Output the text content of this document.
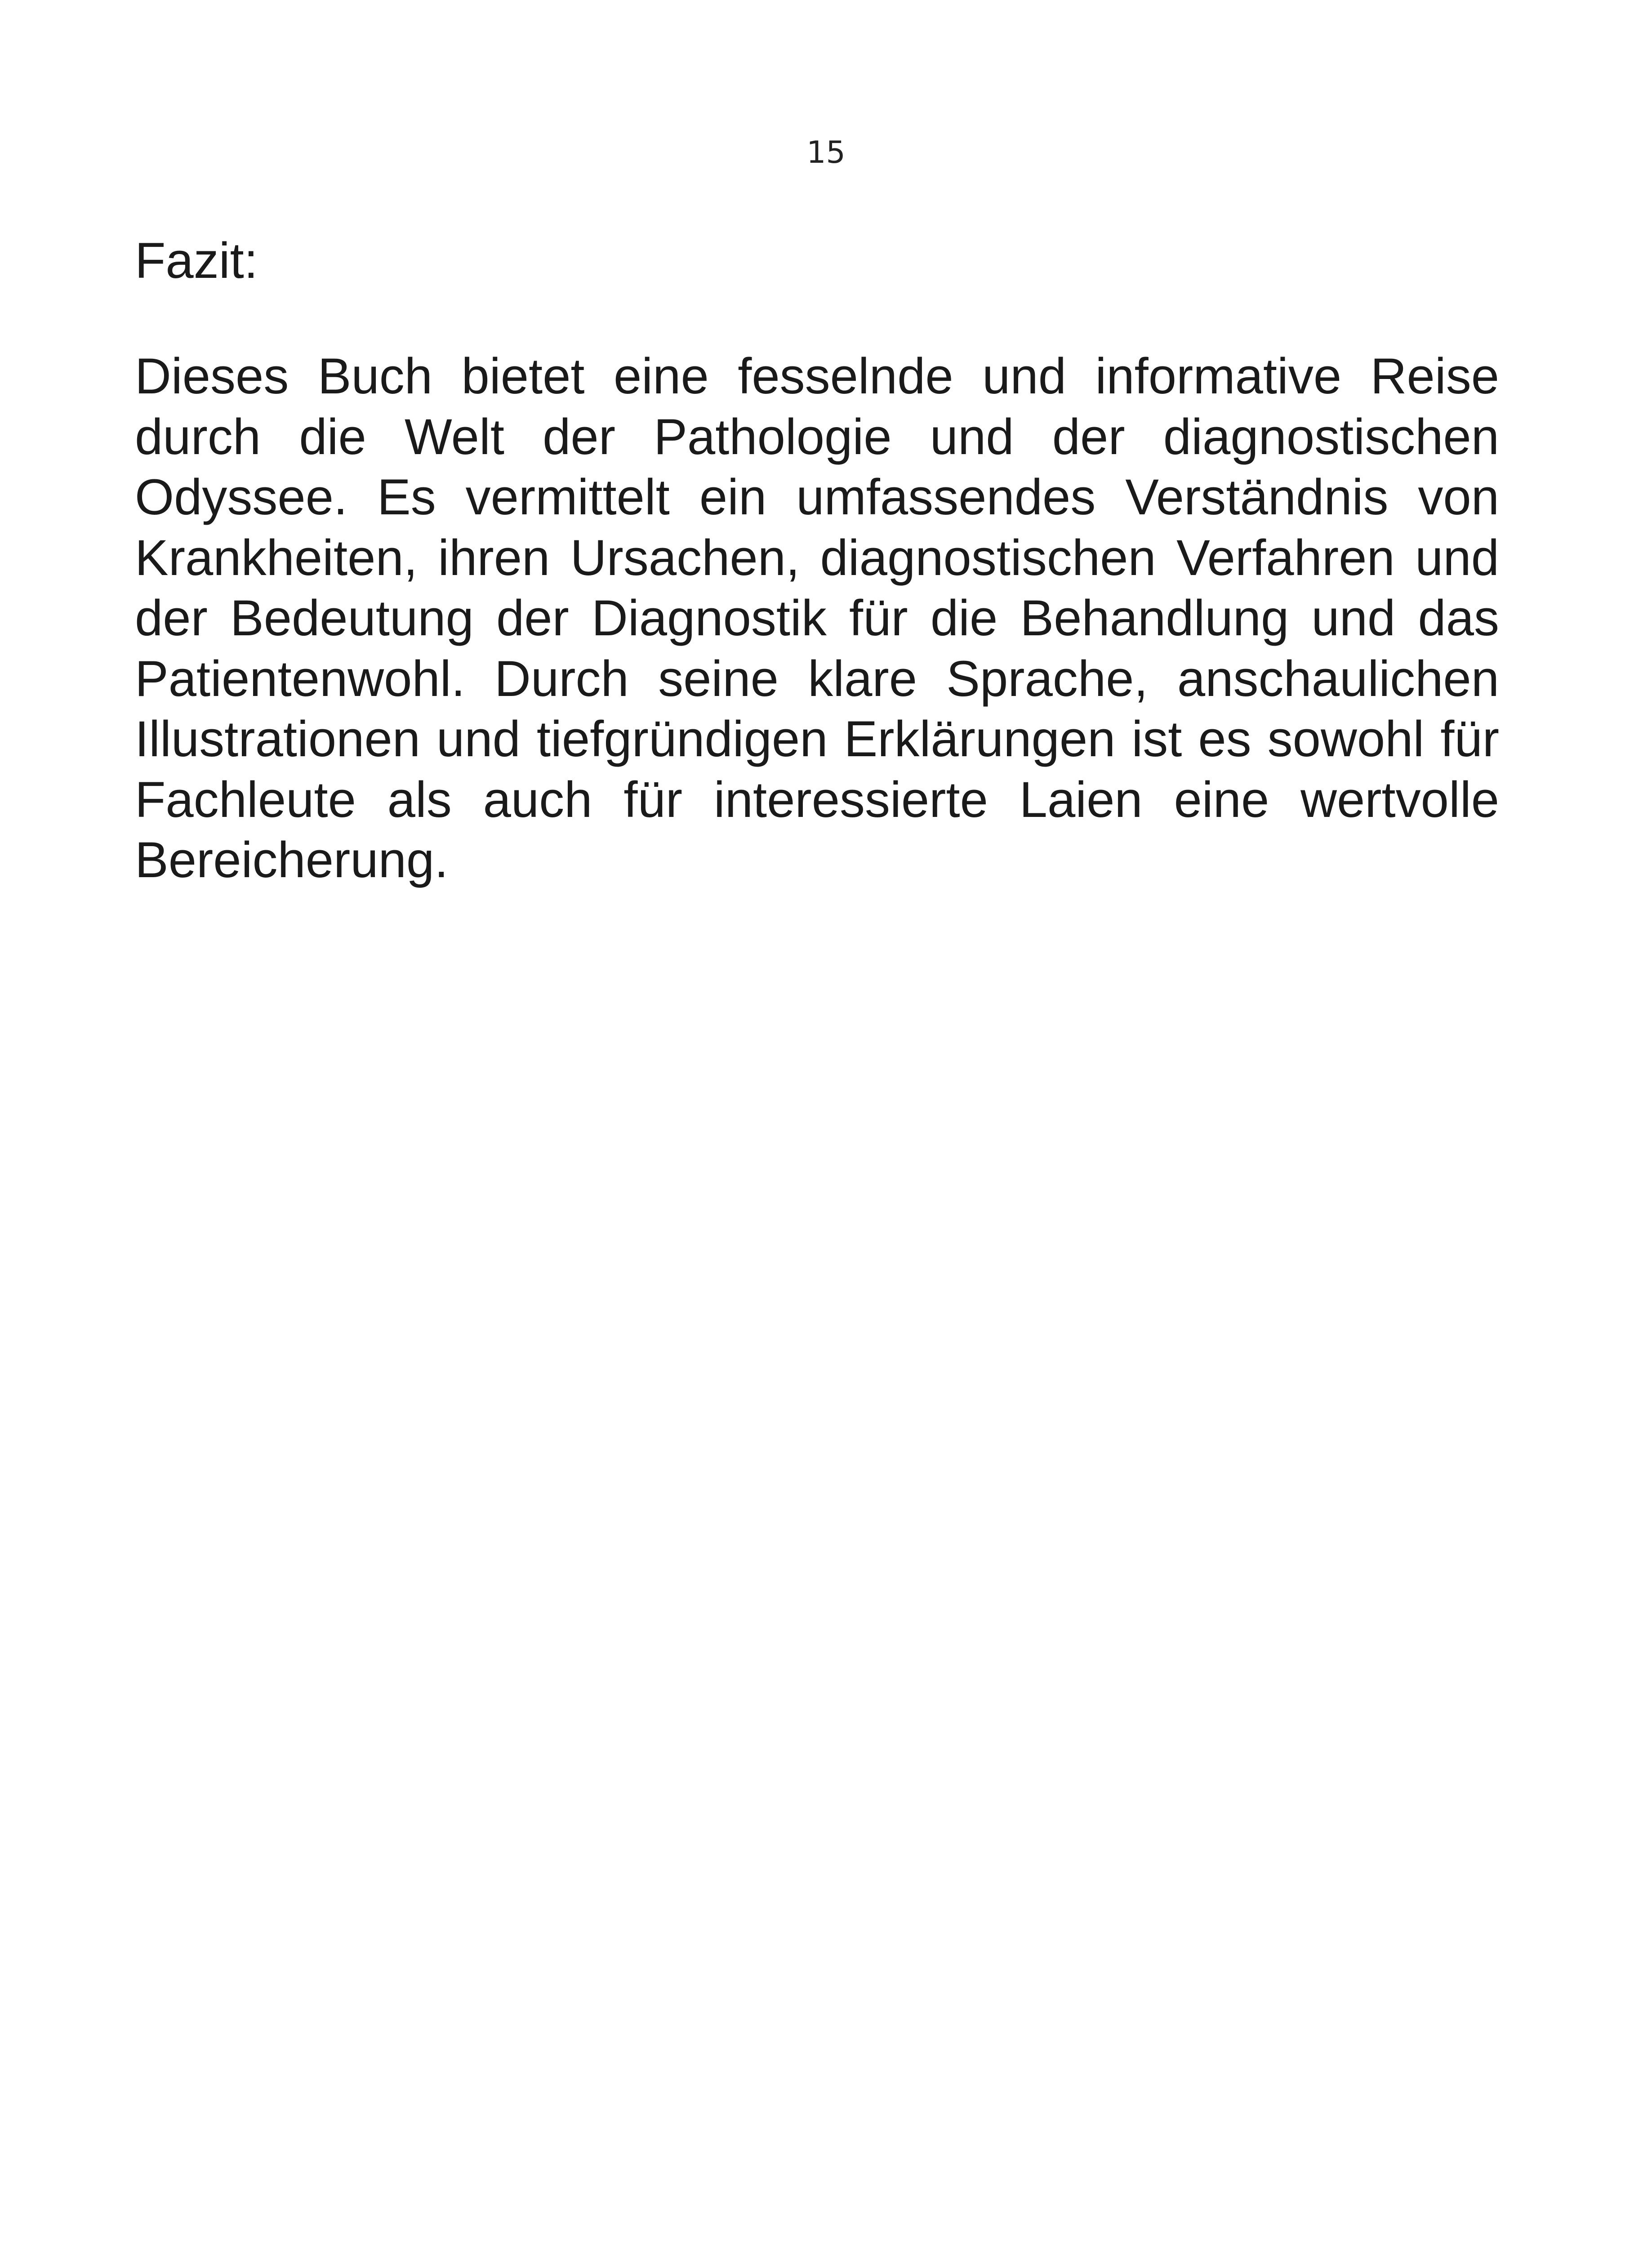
15
Fazit:

Dieses Buch bietet eine fesselnde und informative Reise durch die Welt der Pathologie und der diagnostischen Odyssee. Es vermittelt ein umfassendes Verständnis von Krankheiten, ihren Ursachen, diagnostischen Verfahren und der Bedeutung der Diagnostik für die Behandlung und das Patientenwohl. Durch seine klare Sprache, anschaulichen Illustrationen und tiefgründigen Erklärungen ist es sowohl für Fachleute als auch für interessierte Laien eine wertvolle Bereicherung.
